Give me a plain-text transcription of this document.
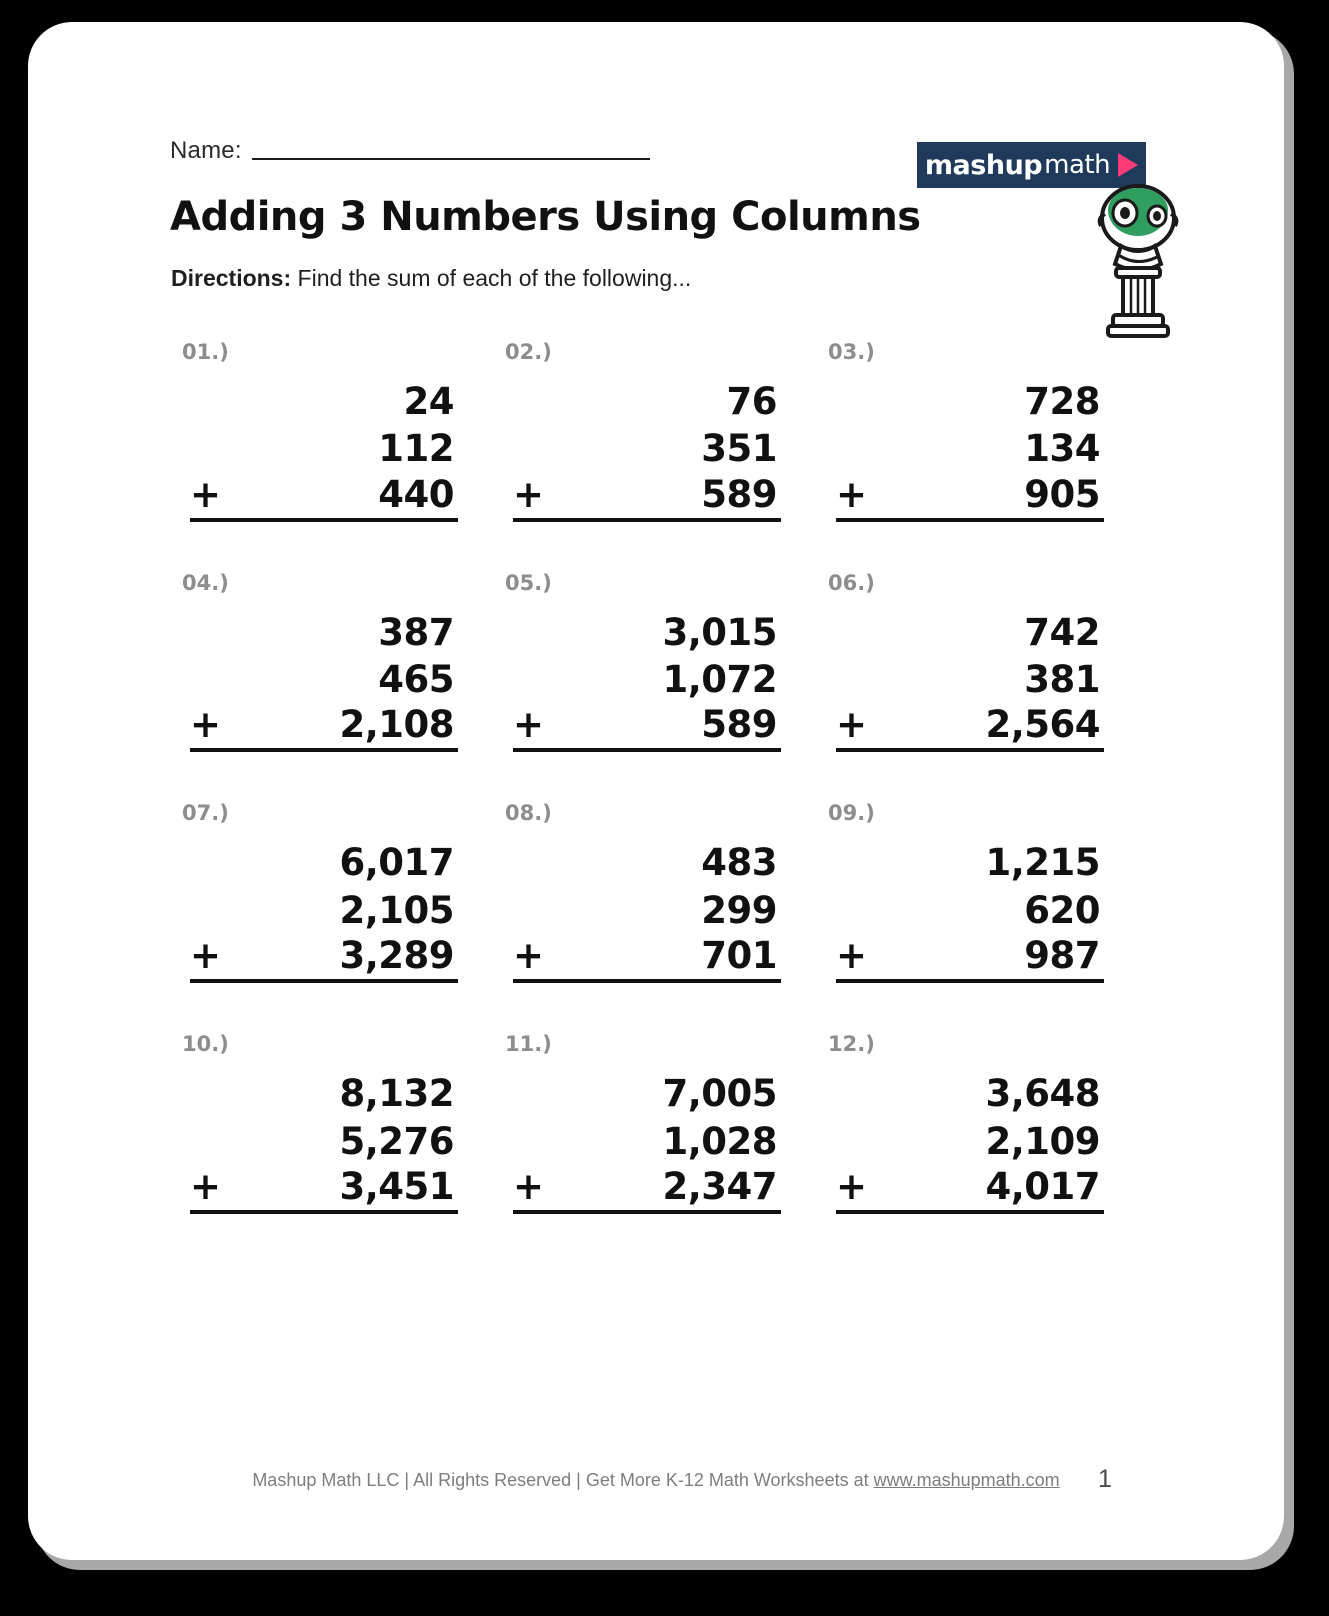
Name:
Adding 3 Numbers Using Columns
Directions: Find the sum of each of the following...
mashup math
01.)
24
112
+	440
02.)
76
351
+	589
03.)
728
134
+	905
04.)
387
465
+	2,108
05.)
3,015
1,072
+	589
06.)
742
381
+	2,564
07.)
6,017
2,105
+	3,289
08.)
483
299
+	701
09.)
1,215
620
+	987
10.)
8,132
5,276
+	3,451
11.)
7,005
1,028
+	2,347
12.)
3,648
2,109
+	4,017
Mashup Math LLC | All Rights Reserved | Get More K-12 Math Worksheets at www.mashupmath.com	1
